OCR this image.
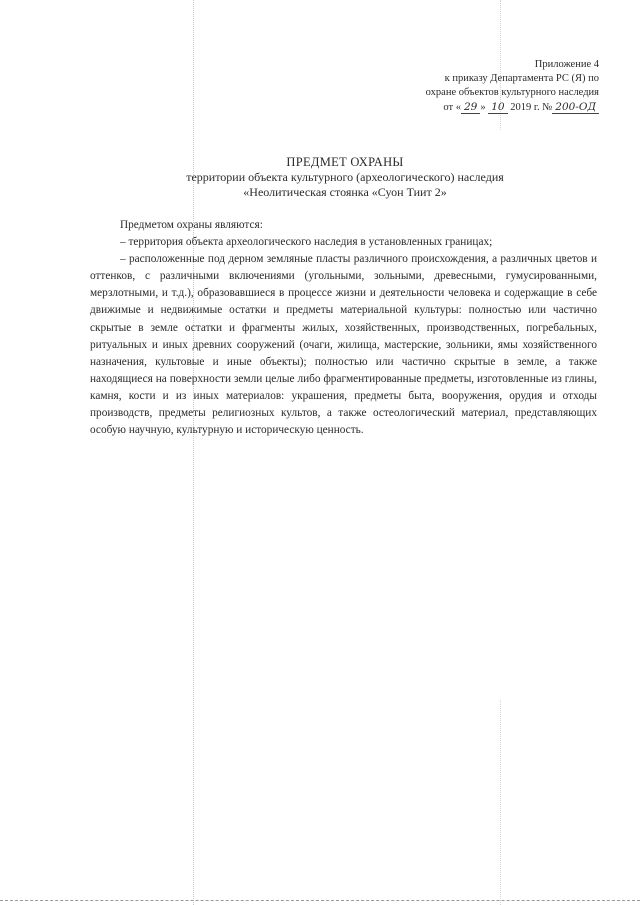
Приложение 4
к приказу Департамента РС (Я) по
охране объектов культурного наследия
от « 29 » 10 2019 г. № 200-ОД
ПРЕДМЕТ ОХРАНЫ
территории объекта культурного (археологического) наследия
«Неолитическая стоянка «Суон Тиит 2»

Предметом охраны являются:

– территория объекта археологического наследия в установленных границах;

– расположенные под дерном земляные пласты различного происхождения, а различных цветов и оттенков, с различными включениями (угольными, зольными, древесными, гумусированными, мерзлотными, и т.д.), образовавшиеся в процессе жизни и деятельности человека и содержащие в себе движимые и недвижимые остатки и предметы материальной культуры: полностью или частично скрытые в земле остатки и фрагменты жилых, хозяйственных, производственных, погребальных, ритуальных и иных древних сооружений (очаги, жилища, мастерские, зольники, ямы хозяйственного назначения, культовые и иные объекты); полностью или частично скрытые в земле, а также находящиеся на поверхности земли целые либо фрагментированные предметы, изготовленные из глины, камня, кости и из иных материалов: украшения, предметы быта, вооружения, орудия и отходы производств, предметы религиозных культов, а также остеологический материал, представляющих особую научную, культурную и историческую ценность.
